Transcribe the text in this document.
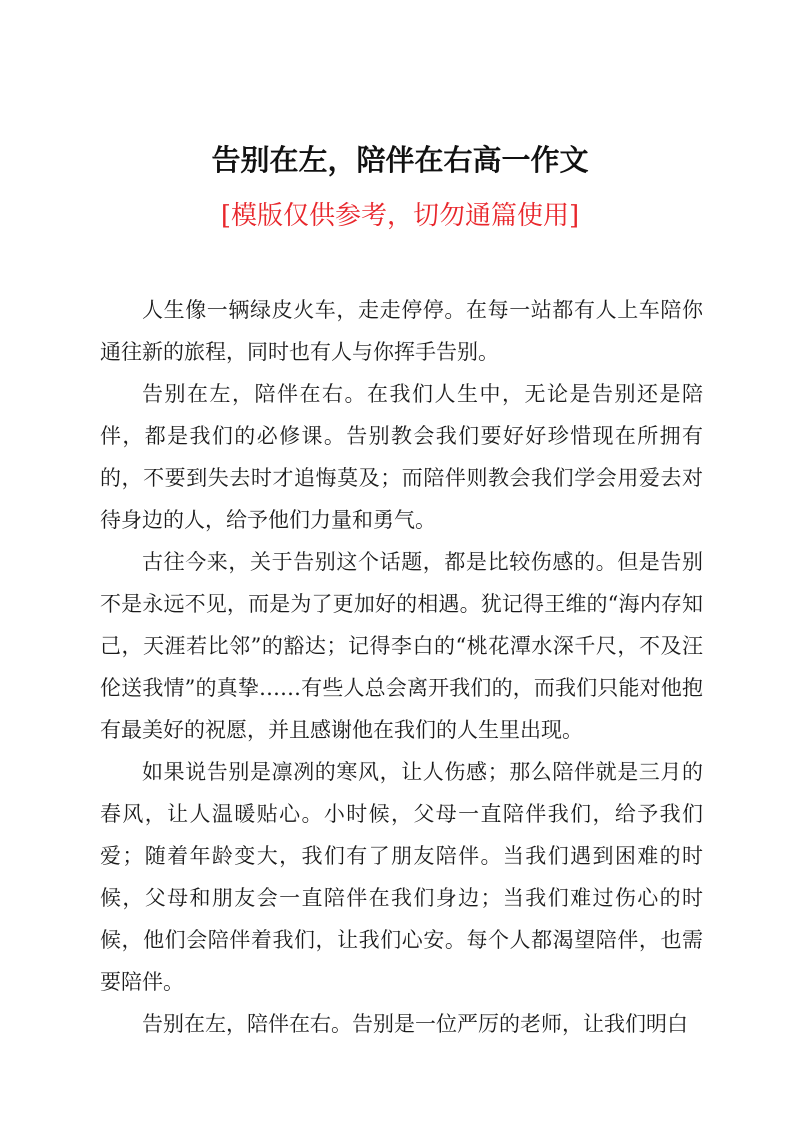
告别在左，陪伴在右高一作文
[模版仅供参考，切勿通篇使用]

人生像一辆绿皮火车，走走停停。在每一站都有人上车陪你通往新的旅程，同时也有人与你挥手告别。

告别在左，陪伴在右。在我们人生中，无论是告别还是陪伴，都是我们的必修课。告别教会我们要好好珍惜现在所拥有的，不要到失去时才追悔莫及；而陪伴则教会我们学会用爱去对待身边的人，给予他们力量和勇气。

古往今来，关于告别这个话题，都是比较伤感的。但是告别不是永远不见，而是为了更加好的相遇。犹记得王维的“海内存知己，天涯若比邻”的豁达；记得李白的“桃花潭水深千尺，不及汪伦送我情”的真挚……有些人总会离开我们的，而我们只能对他抱有最美好的祝愿，并且感谢他在我们的人生里出现。

如果说告别是凛冽的寒风，让人伤感；那么陪伴就是三月的春风，让人温暖贴心。小时候，父母一直陪伴我们，给予我们爱；随着年龄变大，我们有了朋友陪伴。当我们遇到困难的时候，父母和朋友会一直陪伴在我们身边；当我们难过伤心的时候，他们会陪伴着我们，让我们心安。每个人都渴望陪伴，也需要陪伴。

告别在左，陪伴在右。告别是一位严厉的老师，让我们明白
